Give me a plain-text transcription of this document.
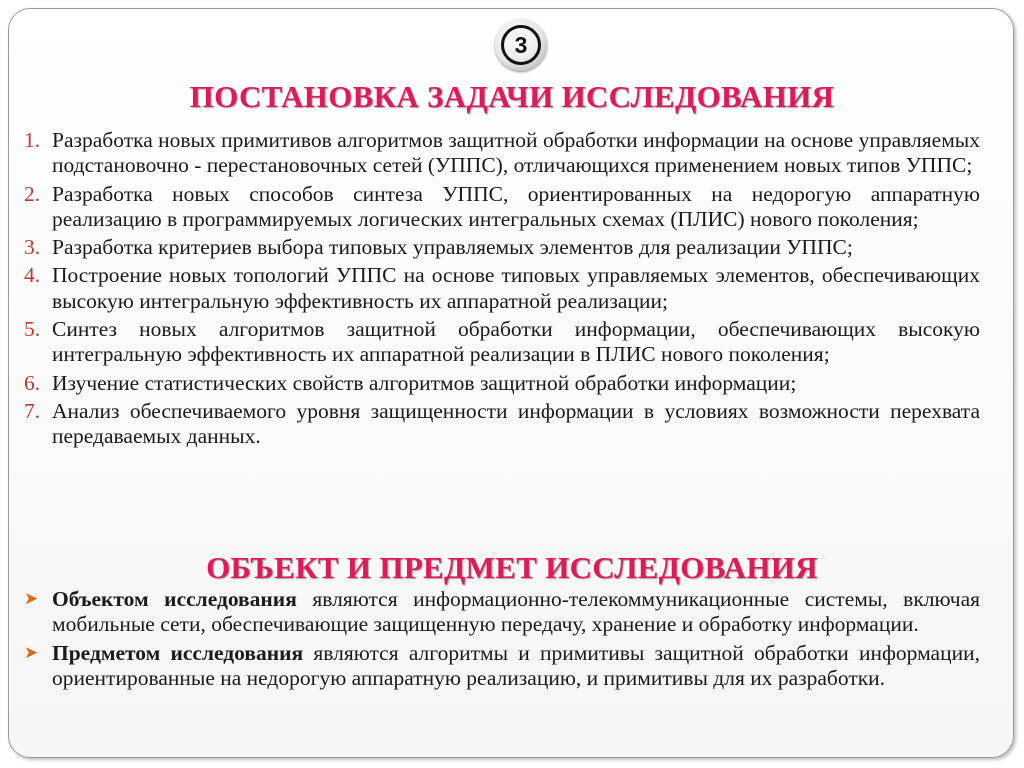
3
ПОСТАНОВКА ЗАДАЧИ ИССЛЕДОВАНИЯ
1. Разработка новых примитивов алгоритмов защитной обработки информации на основе управляемых подстановочно - перестановочных сетей (УППС), отличающихся применением новых типов УППС;
2. Разработка новых способов синтеза УППС, ориентированных на недорогую аппаратную реализацию в программируемых логических интегральных схемах (ПЛИС) нового поколения;
3. Разработка критериев выбора типовых управляемых элементов для реализации УППС;
4. Построение новых топологий УППС на основе типовых управляемых элементов, обеспечивающих высокую интегральную эффективность их аппаратной реализации;
5. Синтез новых алгоритмов защитной обработки информации, обеспечивающих высокую интегральную эффективность их аппаратной реализации в ПЛИС нового поколения;
6. Изучение статистических свойств алгоритмов защитной обработки информации;
7. Анализ обеспечиваемого уровня защищенности информации в условиях возможности перехвата передаваемых данных.
ОБЪЕКТ И ПРЕДМЕТ ИССЛЕДОВАНИЯ
➤ Объектом исследования являются информационно-телекоммуникационные системы, включая мобильные сети, обеспечивающие защищенную передачу, хранение и обработку информации.
➤ Предметом исследования являются алгоритмы и примитивы защитной обработки информации, ориентированные на недорогую аппаратную реализацию, и примитивы для их разработки.
